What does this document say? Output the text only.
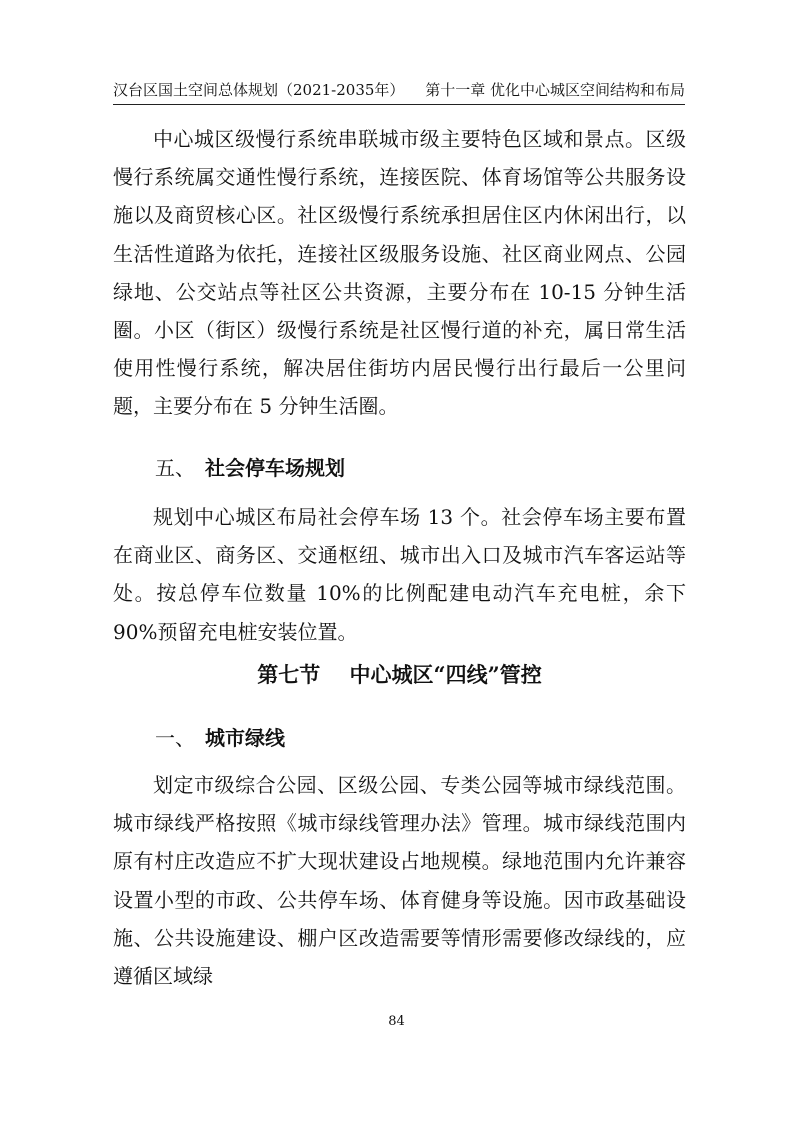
汉台区国土空间总体规划（2021-2035年） 第十一章 优化中心城区空间结构和布局

中心城区级慢行系统串联城市级主要特色区域和景点。区级慢行系统属交通性慢行系统，连接医院、体育场馆等公共服务设施以及商贸核心区。社区级慢行系统承担居住区内休闲出行，以生活性道路为依托，连接社区级服务设施、社区商业网点、公园绿地、公交站点等社区公共资源，主要分布在 10-15 分钟生活圈。小区（街区）级慢行系统是社区慢行道的补充，属日常生活使用性慢行系统，解决居住街坊内居民慢行出行最后一公里问题，主要分布在 5 分钟生活圈。

五、 社会停车场规划

规划中心城区布局社会停车场 13 个。社会停车场主要布置在商业区、商务区、交通枢纽、城市出入口及城市汽车客运站等处。按总停车位数量 10%的比例配建电动汽车充电桩，余下 90%预留充电桩安装位置。

第七节    中心城区“四线”管控
一、 城市绿线

划定市级综合公园、区级公园、专类公园等城市绿线范围。城市绿线严格按照《城市绿线管理办法》管理。城市绿线范围内原有村庄改造应不扩大现状建设占地规模。绿地范围内允许兼容设置小型的市政、公共停车场、体育健身等设施。因市政基础设施、公共设施建设、棚户区改造需要等情形需要修改绿线的，应遵循区域绿

84
